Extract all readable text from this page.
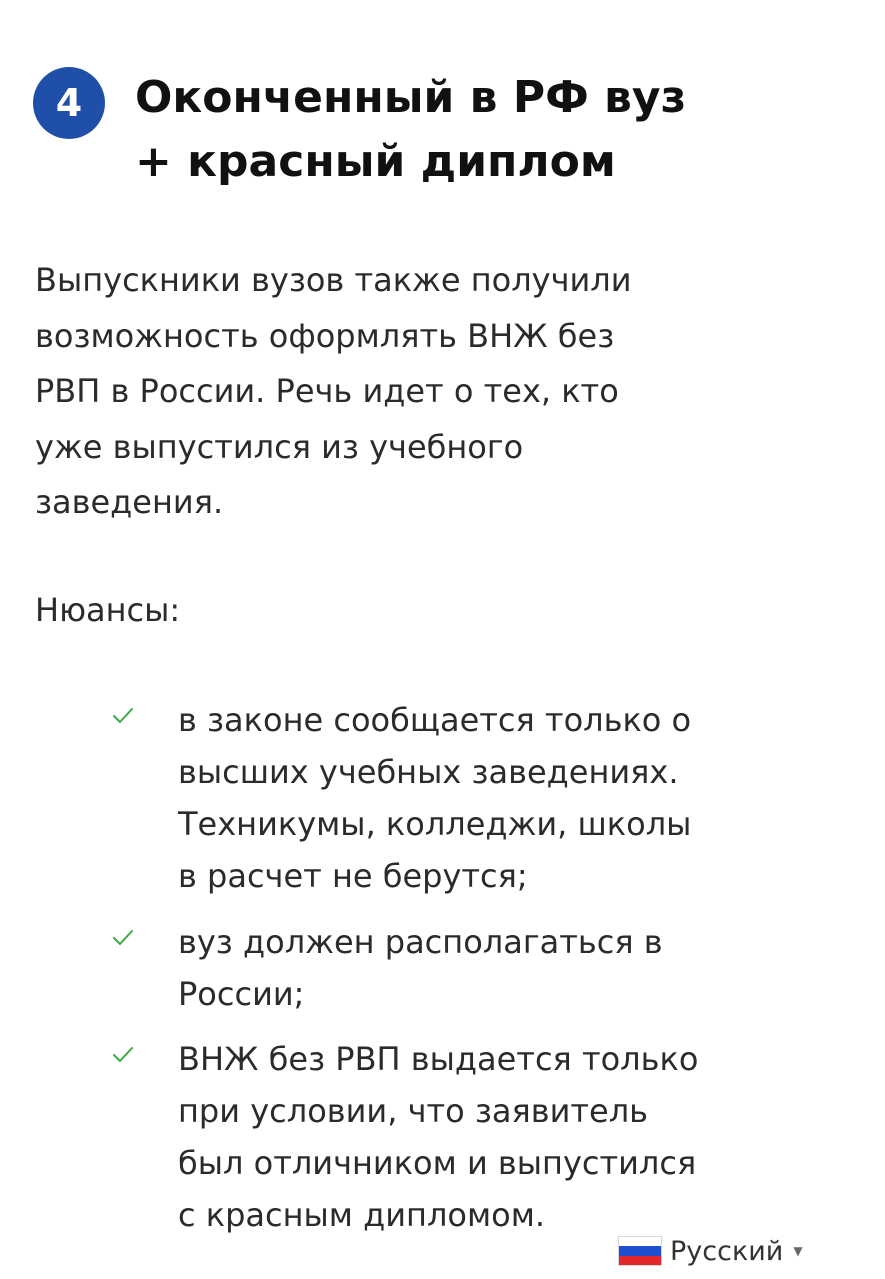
4 Оконченный в РФ вуз
+ красный диплом

Выпускники вузов также получили
возможность оформлять ВНЖ без
РВП в России. Речь идет о тех, кто
уже выпустился из учебного
заведения.

Нюансы:

в законе сообщается только о
высших учебных заведениях.
Техникумы, колледжи, школы
в расчет не берутся;
вуз должен располагаться в
России;
ВНЖ без РВП выдается только
при условии, что заявитель
был отличником и выпустился
с красным дипломом.
Русский ▼
